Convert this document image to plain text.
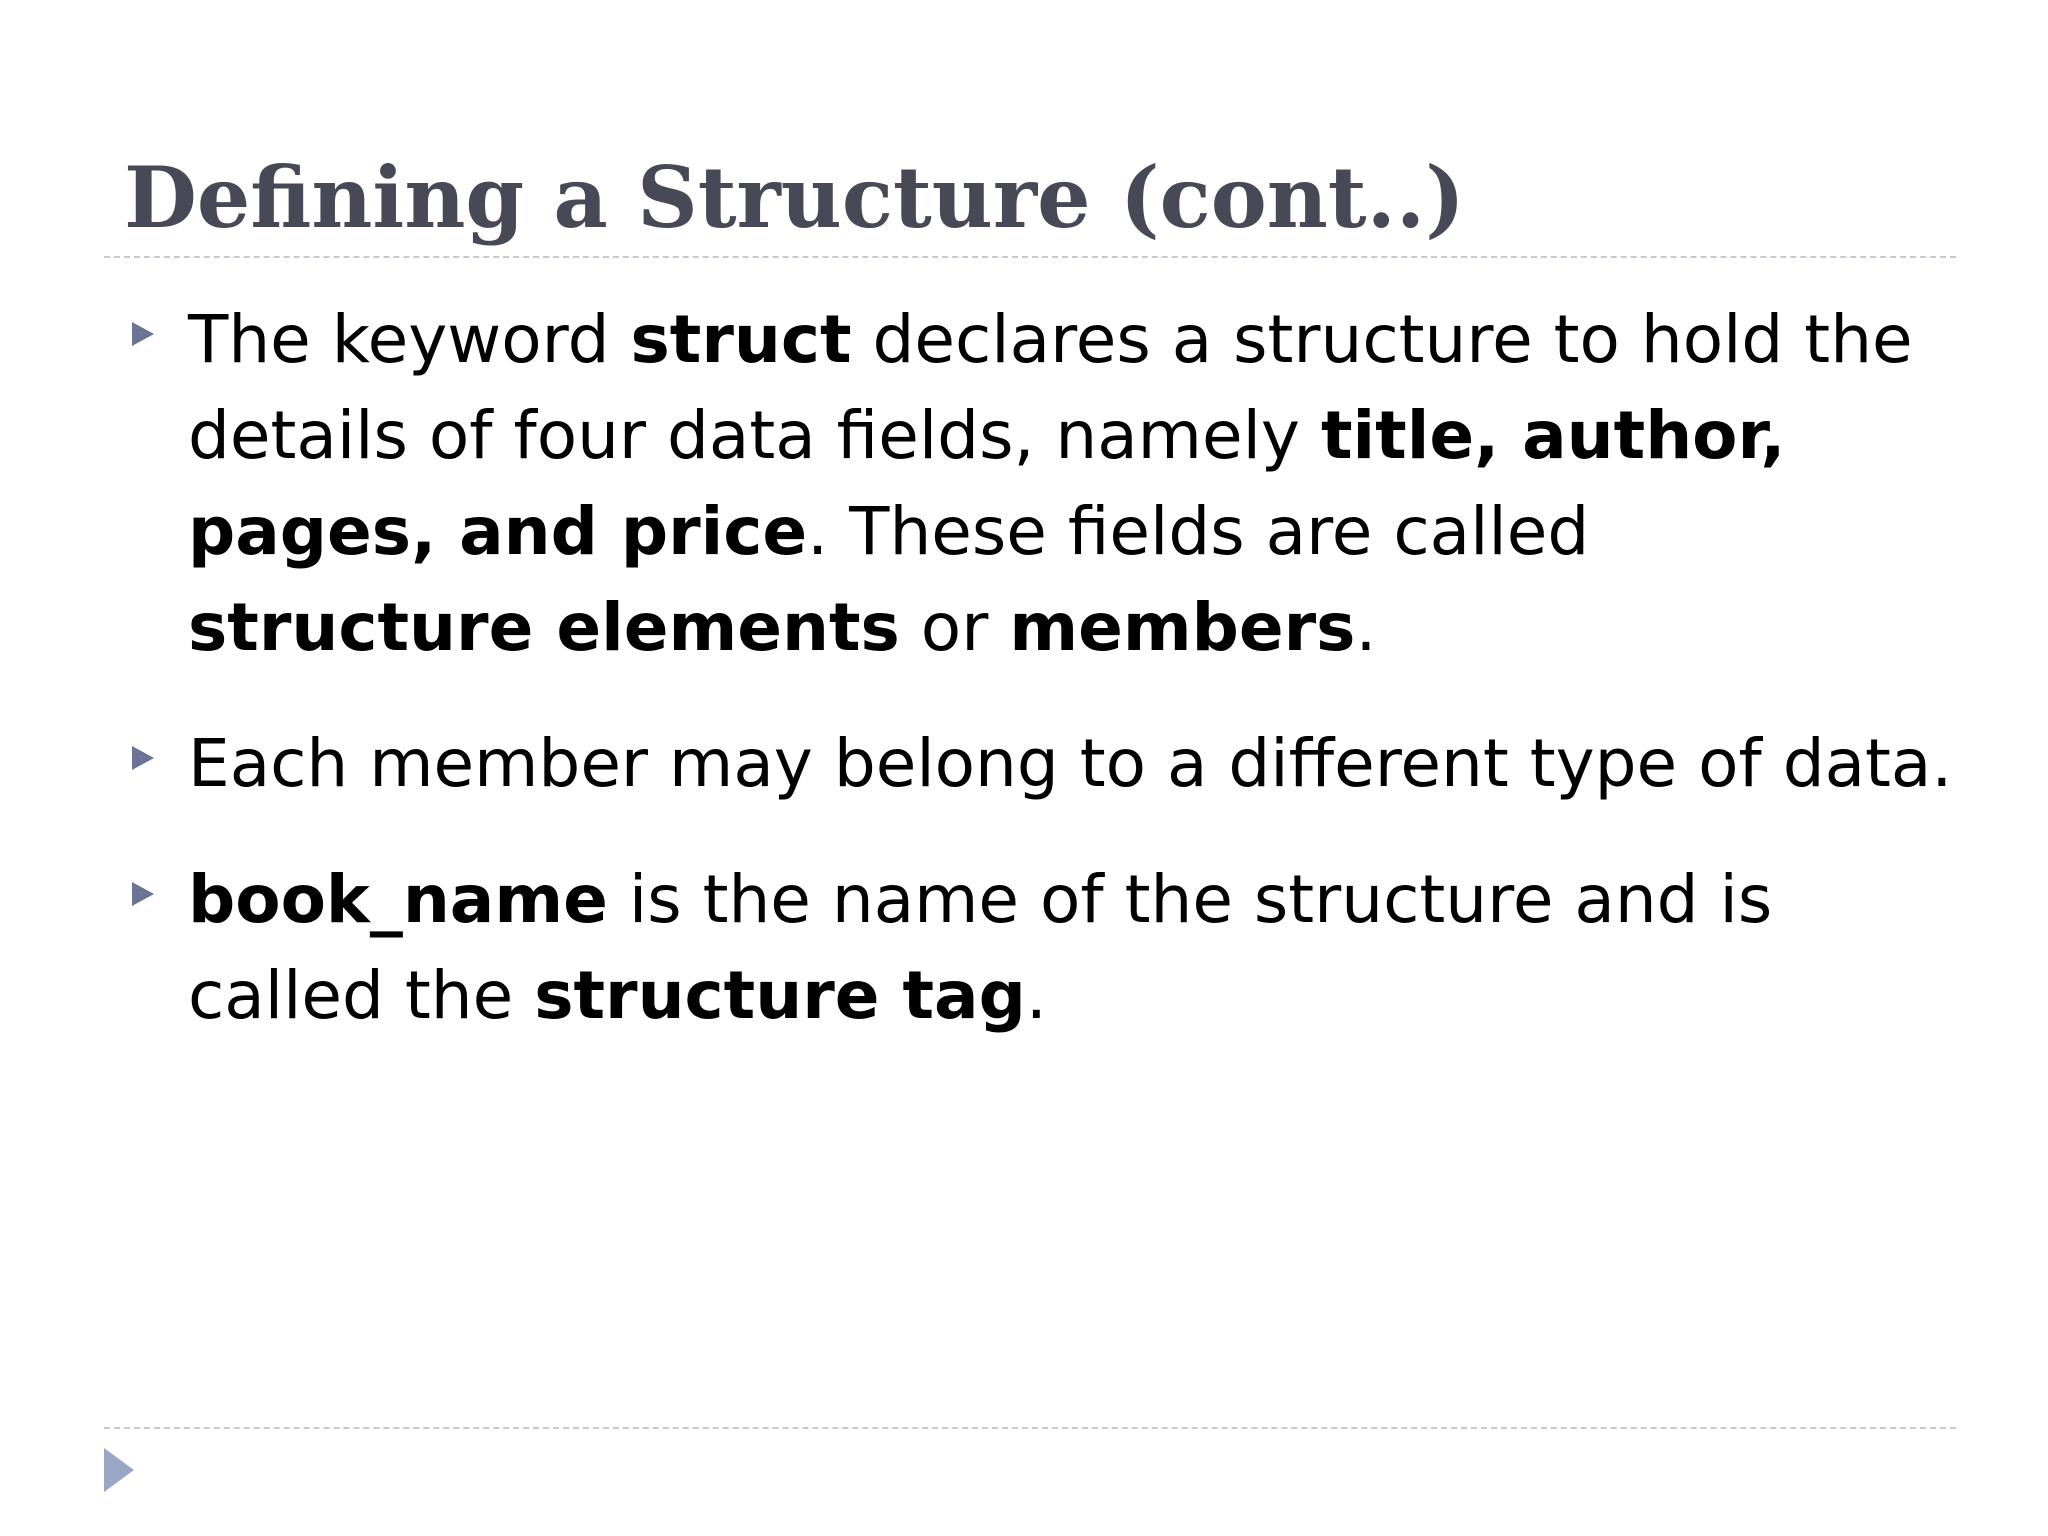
Defining a Structure (cont..)
The keyword struct declares a structure to hold the details of four data fields, namely title, author, pages, and price. These fields are called structure elements or members.
Each member may belong to a different type of data.
book_name is the name of the structure and is called the structure tag.
